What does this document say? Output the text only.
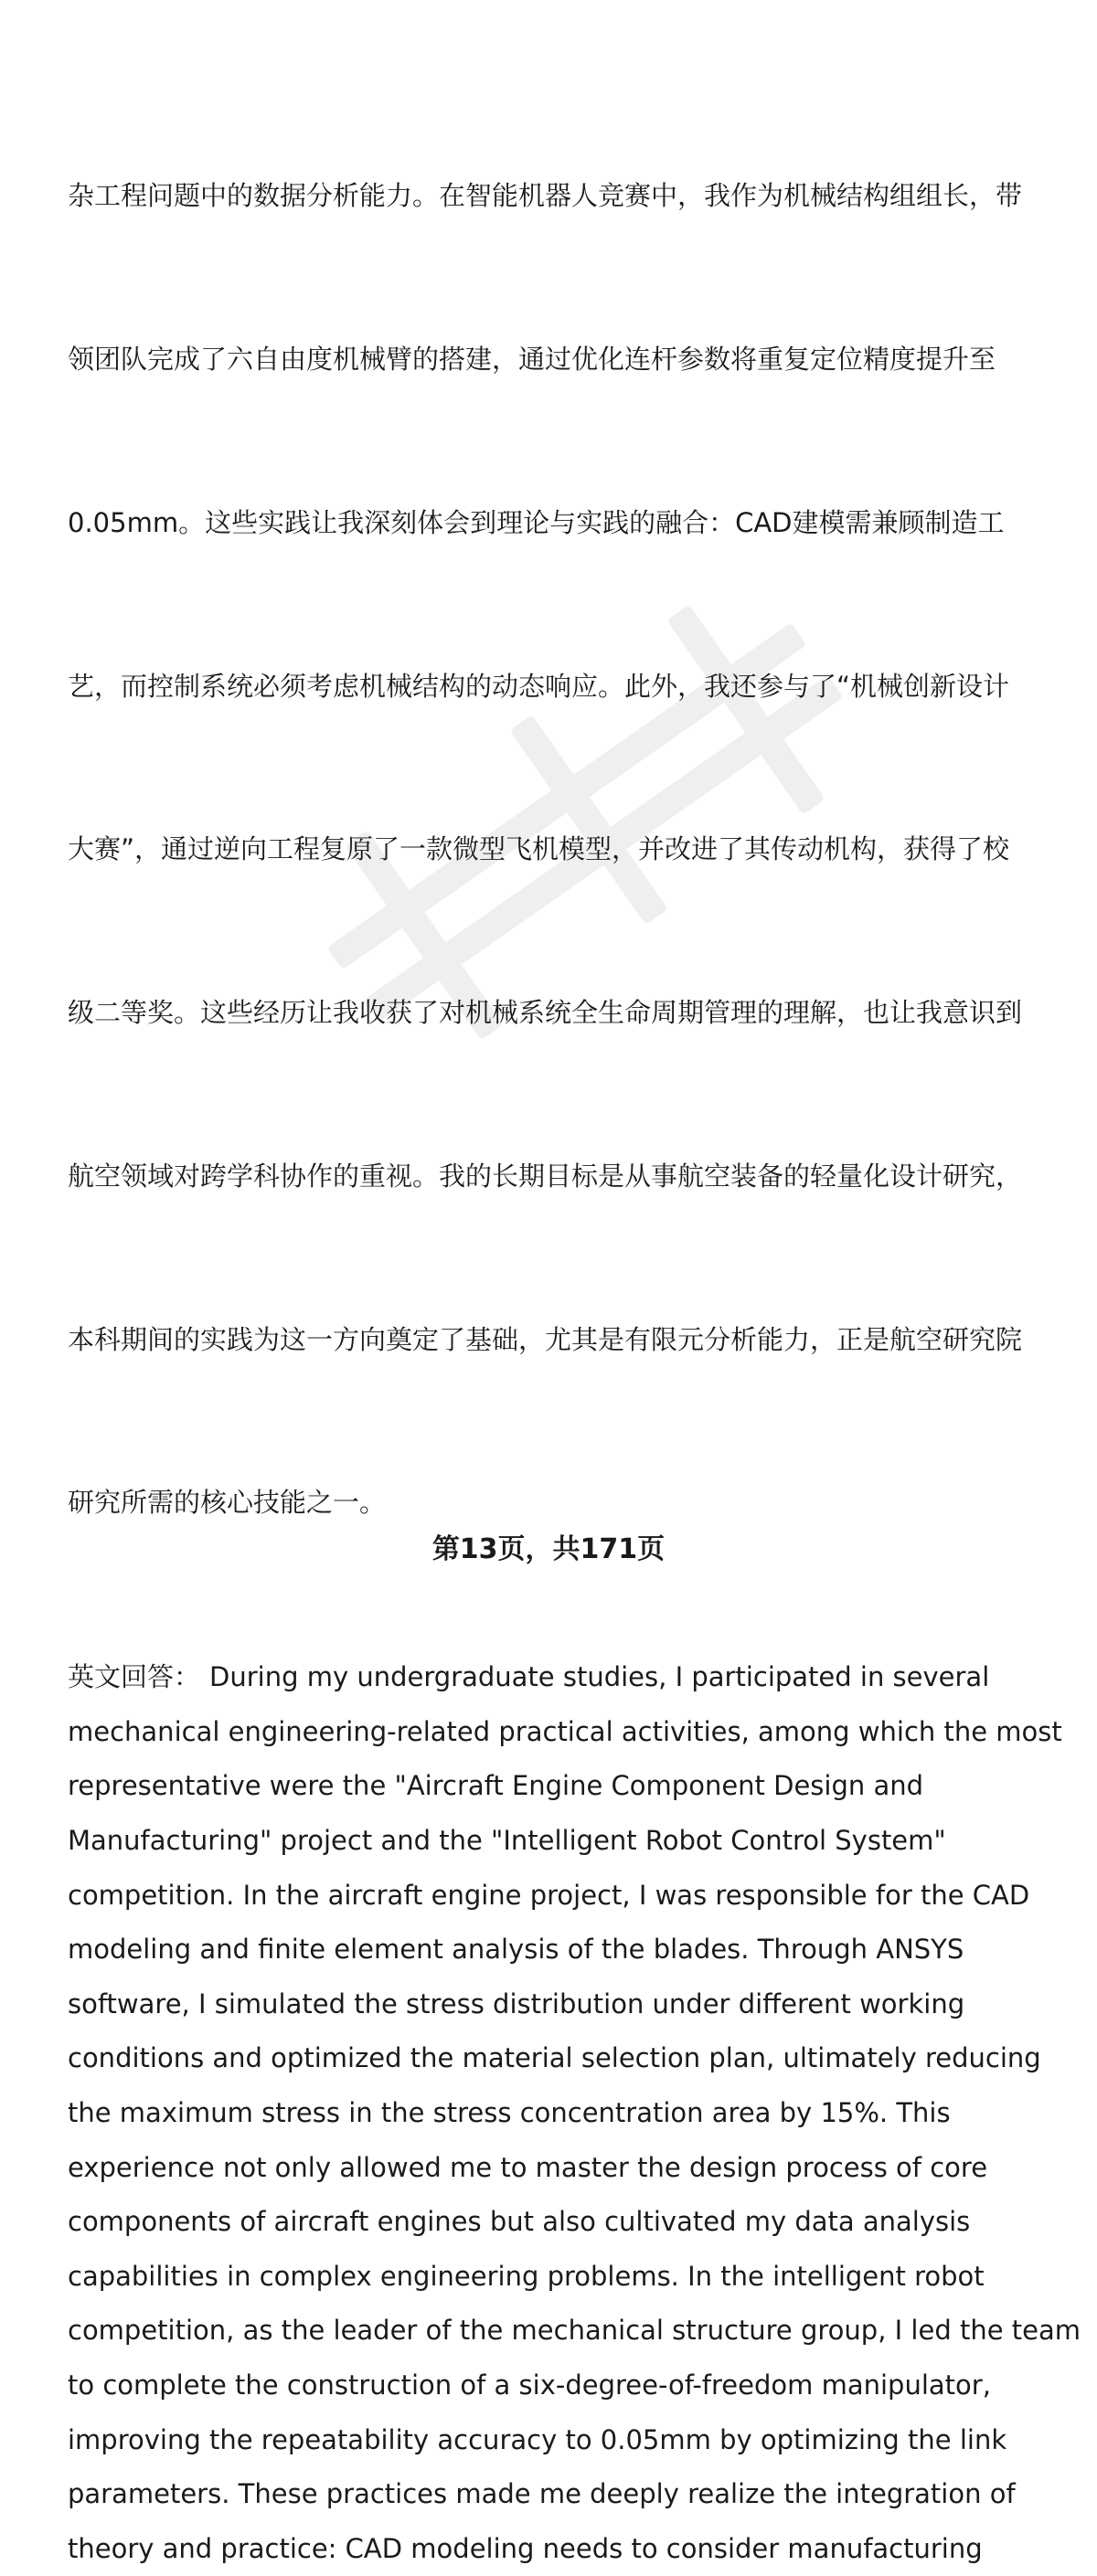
杂工程问题中的数据分析能力。在智能机器人竞赛中，我作为机械结构组组长，带

领团队完成了六自由度机械臂的搭建，通过优化连杆参数将重复定位精度提升至

0.05mm。这些实践让我深刻体会到理论与实践的融合：CAD建模需兼顾制造工

艺，而控制系统必须考虑机械结构的动态响应。此外，我还参与了“机械创新设计

大赛”，通过逆向工程复原了一款微型飞机模型，并改进了其传动机构，获得了校

级二等奖。这些经历让我收获了对机械系统全生命周期管理的理解，也让我意识到

航空领域对跨学科协作的重视。我的长期目标是从事航空装备的轻量化设计研究，

本科期间的实践为这一方向奠定了基础，尤其是有限元分析能力，正是航空研究院

研究所需的核心技能之一。

英文回答： During my undergraduate studies, I participated in several
mechanical engineering-related practical activities, among which the most
representative were the "Aircraft Engine Component Design and
Manufacturing" project and the "Intelligent Robot Control System"
competition. In the aircraft engine project, I was responsible for the CAD
modeling and finite element analysis of the blades. Through ANSYS
software, I simulated the stress distribution under different working
conditions and optimized the material selection plan, ultimately reducing
the maximum stress in the stress concentration area by 15%. This
experience not only allowed me to master the design process of core
components of aircraft engines but also cultivated my data analysis
capabilities in complex engineering problems. In the intelligent robot
competition, as the leader of the mechanical structure group, I led the team
to complete the construction of a six-degree-of-freedom manipulator,
improving the repeatability accuracy to 0.05mm by optimizing the link
parameters. These practices made me deeply realize the integration of
theory and practice: CAD modeling needs to consider manufacturing
第13页，共171页
